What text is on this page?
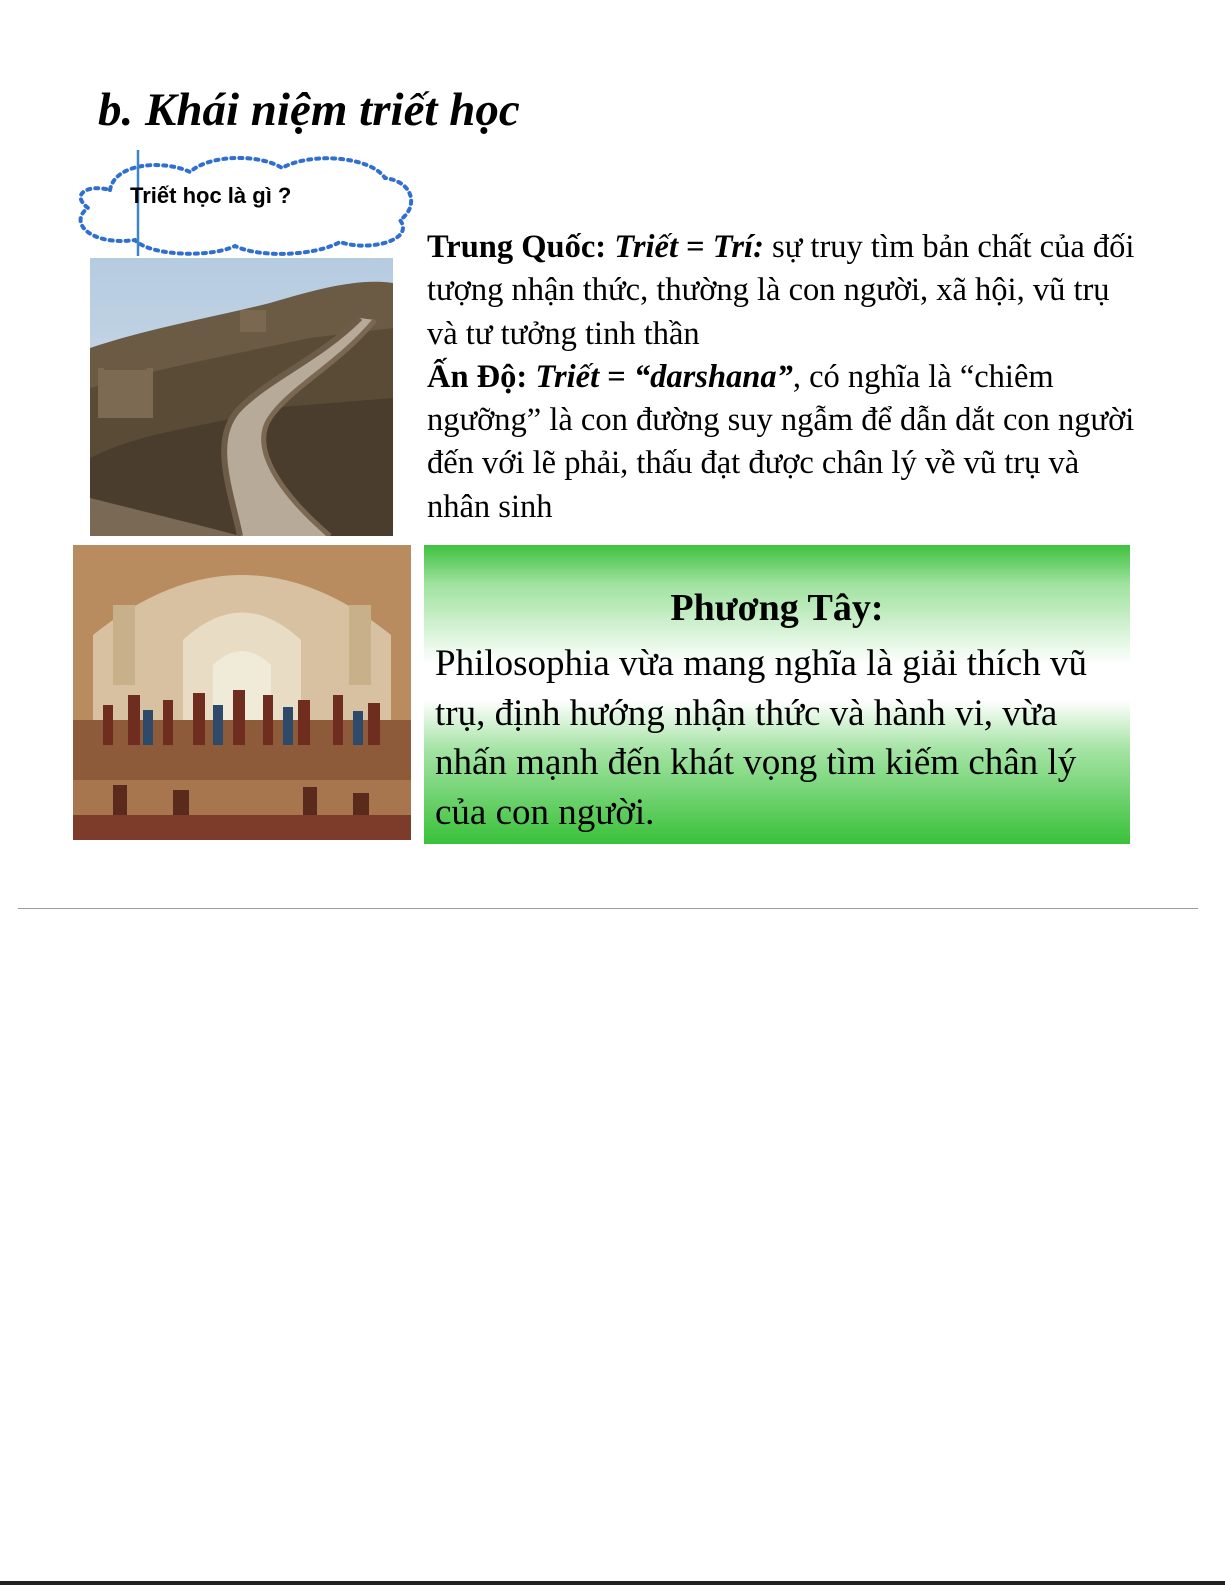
b. Khái niệm triết học
Triết học là gì ?

Trung Quốc: Triết = Trí: sự truy tìm bản chất của đối tượng nhận thức, thường là con người, xã hội, vũ trụ và tư tưởng tinh thần

Ấn Độ: Triết = “darshana”, có nghĩa là “chiêm ngưỡng” là con đường suy ngẫm để dẫn dắt con người đến với lẽ phải, thấu đạt được chân lý về vũ trụ và nhân sinh

Phương Tây:
Philosophia vừa mang nghĩa là giải thích vũ trụ, định hướng nhận thức và hành vi, vừa nhấn mạnh đến khát vọng tìm kiếm chân lý của con người.
